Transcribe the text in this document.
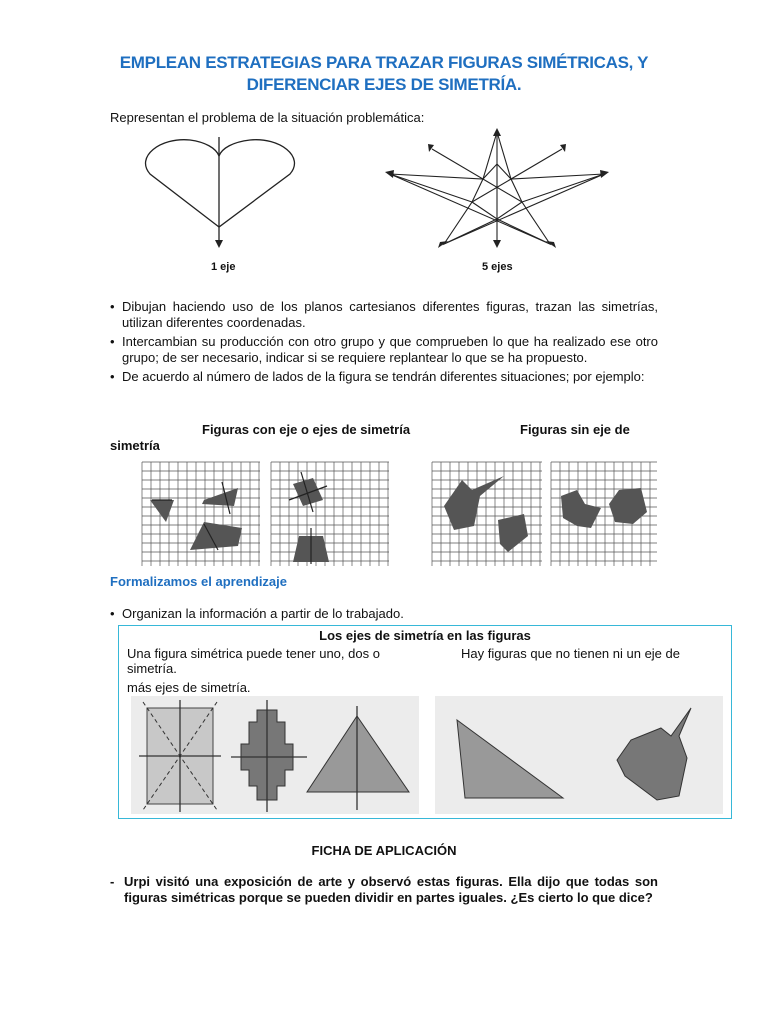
EMPLEAN ESTRATEGIAS PARA TRAZAR FIGURAS SIMÉTRICAS, Y
DIFERENCIAR EJES DE SIMETRÍA.
Representan el problema de la situación problemática:
1 eje	5 ejes
• Dibujan haciendo uso de los planos cartesianos diferentes figuras, trazan las simetrías, utilizan diferentes coordenadas.
• Intercambian su producción con otro grupo y que comprueben lo que ha realizado ese otro grupo; de ser necesario, indicar si se requiere replantear lo que se ha propuesto.
• De acuerdo al número de lados de la figura se tendrán diferentes situaciones; por ejemplo:
Figuras con eje o ejes de simetría	Figuras sin eje de
simetría
Formalizamos el aprendizaje
• Organizan la información a partir de lo trabajado.
Los ejes de simetría en las figuras
Una figura simétrica puede tener uno, dos o simetría.
más ejes de simetría.
Hay figuras que no tienen ni un eje de
FICHA DE APLICACIÓN
- Urpi visitó una exposición de arte y observó estas figuras. Ella dijo que todas son figuras simétricas porque se pueden dividir en partes iguales. ¿Es cierto lo que dice?
